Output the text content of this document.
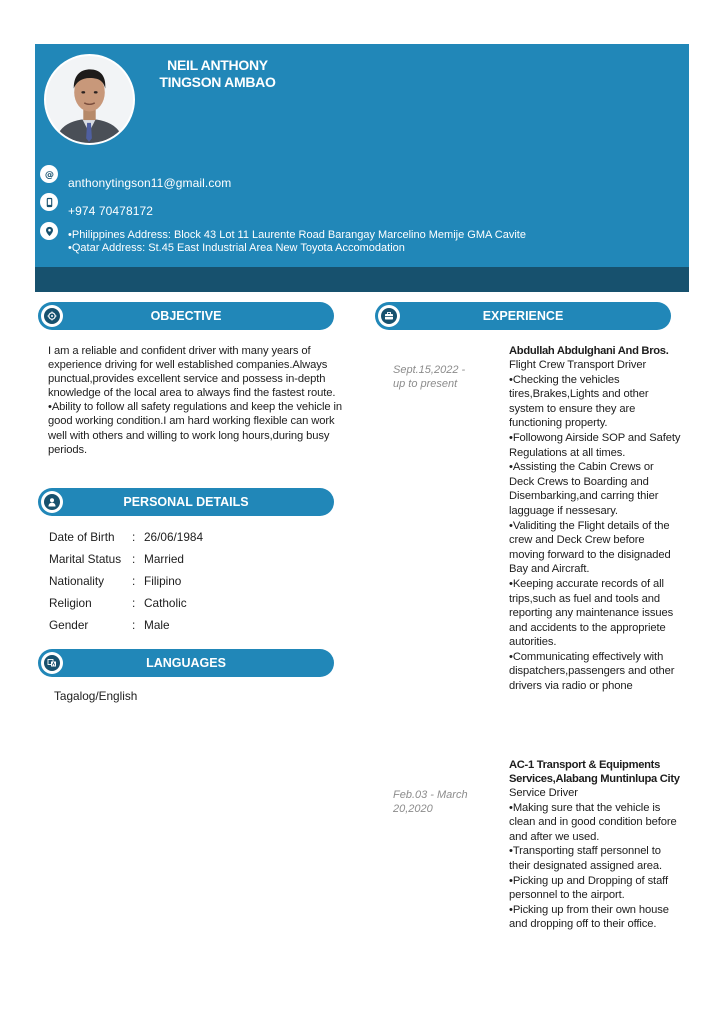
NEIL ANTHONY
TINGSON AMBAO
@
anthonytingson11@gmail.com
+974 70478172
•Philippines Address: Block 43 Lot 11 Laurente Road Barangay Marcelino Memije GMA Cavite
•Qatar Address: St.45 East Industrial Area New Toyota Accomodation
OBJECTIVE
I am a reliable and confident driver with many years of experience driving for well established companies.Always punctual,provides excellent service and possess in-depth knowledge of the local area to always find the fastest route. •Ability to follow all safety regulations and keep the vehicle in good working condition.I am hard working flexible can work well with others and willing to work long hours,during busy periods.
PERSONAL DETAILS
Date of Birth : 26/06/1984
Marital Status : Married
Nationality : Filipino
Religion	: Catholic
Gender	: Male
LANGUAGES
Tagalog/English
EXPERIENCE
Sept.15,2022 -
up to present
Abdullah Abdulghani And Bros.
Flight Crew Transport Driver
•Checking the vehicles tires,Brakes,Lights and other system to ensure they are functioning property.
•Followong Airside SOP and Safety Regulations at all times.
•Assisting the Cabin Crews or Deck Crews to Boarding and Disembarking,and carring thier lagguage if nessesary.
•Validiting the Flight details of the crew and Deck Crew before moving forward to the disignaded Bay and Aircraft.
•Keeping accurate records of all trips,such as fuel and tools and reporting any maintenance issues and accidents to the appropriete autorities.
•Communicating effectively with dispatchers,passengers and other drivers via radio or phone
Feb.03 - March
20,2020
AC-1 Transport & Equipments Services,Alabang Muntinlupa City
Service Driver
•Making sure that the vehicle is clean and in good condition before and after we used.
•Transporting staff personnel to their designated assigned area.
•Picking up and Dropping of staff personnel to the airport.
•Picking up from their own house and dropping off to their office.
